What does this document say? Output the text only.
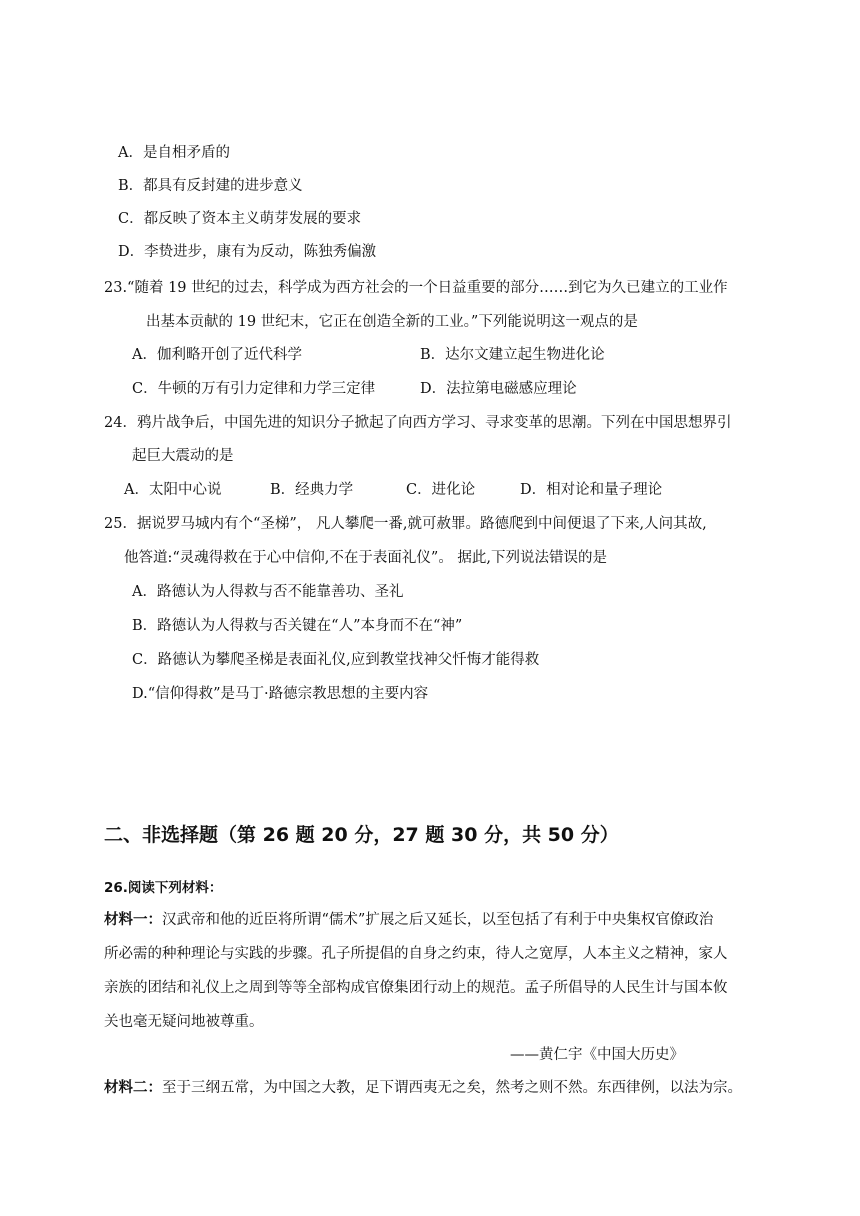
A．是自相矛盾的
B．都具有反封建的进步意义
C．都反映了资本主义萌芽发展的要求
D．李贽进步，康有为反动，陈独秀偏激
23.“随着 19 世纪的过去，科学成为西方社会的一个日益重要的部分……到它为久已建立的工业作
出基本贡献的 19 世纪末，它正在创造全新的工业。”下列能说明这一观点的是
A．伽利略开创了近代科学	B．达尔文建立起生物进化论
C．牛顿的万有引力定律和力学三定律	D．法拉第电磁感应理论
24．鸦片战争后，中国先进的知识分子掀起了向西方学习、寻求变革的思潮。下列在中国思想界引
起巨大震动的是
A．太阳中心说	B．经典力学	C．进化论	D．相对论和量子理论
25．据说罗马城内有个“圣梯”， 凡人攀爬一番,就可赦罪。路德爬到中间便退了下来,人问其故,
他答道:“灵魂得救在于心中信仰,不在于表面礼仪”。 据此,下列说法错误的是
A．路德认为人得救与否不能靠善功、圣礼
B．路德认为人得救与否关键在“人”本身而不在“神”
C．路德认为攀爬圣梯是表面礼仪,应到教堂找神父忏悔才能得救
D.“信仰得救”是马丁·路德宗教思想的主要内容
二、非选择题（第 26 题 20 分，27 题 30 分，共 50 分）
26.阅读下列材料：
材料一：汉武帝和他的近臣将所谓“儒术”扩展之后又延长，以至包括了有利于中央集权官僚政治
所必需的种种理论与实践的步骤。孔子所提倡的自身之约束，待人之宽厚，人本主义之精神，家人
亲族的团结和礼仪上之周到等等全部构成官僚集团行动上的规范。孟子所倡导的人民生计与国本攸
关也毫无疑问地被尊重。
——黄仁宇《中国大历史》
材料二：至于三纲五常，为中国之大教，足下谓西夷无之矣，然考之则不然。东西律例，以法为宗。
